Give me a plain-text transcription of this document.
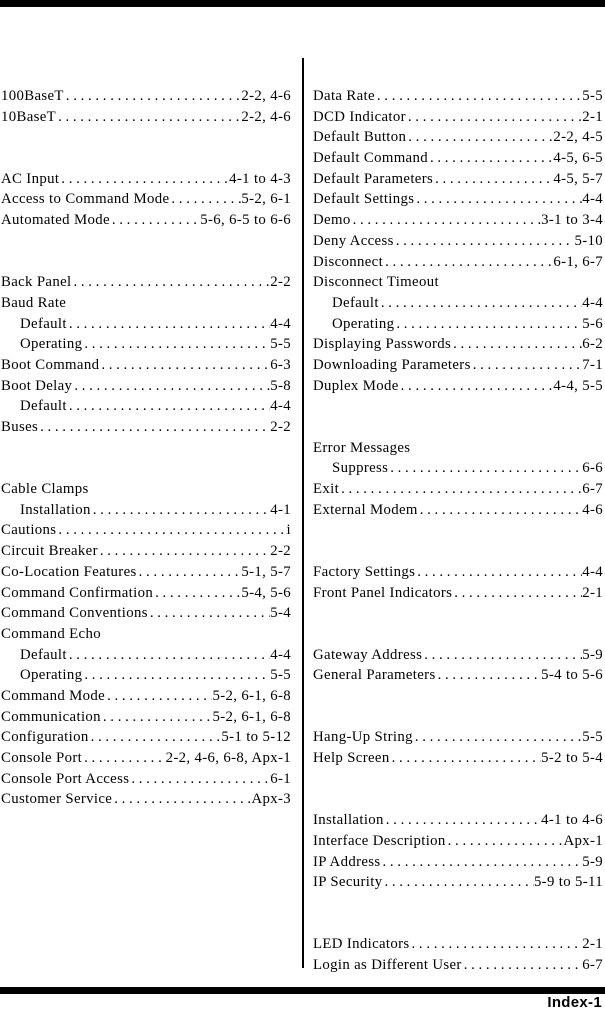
100BaseT . . .	2-2, 4-6
10BaseT . . .	2-2, 4-6
AC Input . . .	4-1 to 4-3
Access to Command Mode . . .	5-2, 6-1
Automated Mode . . .	5-6, 6-5 to 6-6
Back Panel . . .	2-2
Baud Rate
Default . . .	4-4
Operating . . .	5-5
Boot Command . . .	6-3
Boot Delay . . .	5-8
Default . . .	4-4
Buses . . .	2-2
Cable Clamps
Installation . . .	4-1
Cautions . . .	i
Circuit Breaker . . .	2-2
Co-Location Features . . .	5-1, 5-7
Command Confirmation . . .	5-4, 5-6
Command Conventions . . .	5-4
Command Echo
Default . . .	4-4
Operating . . .	5-5
Command Mode . . .	5-2, 6-1, 6-8
Communication . . .	5-2, 6-1, 6-8
Configuration . . .	5-1 to 5-12
Console Port . . .	2-2, 4-6, 6-8, Apx-1
Console Port Access . . .	6-1
Customer Service . . .	Apx-3
Data Rate . . .	5-5
DCD Indicator . . .	2-1
Default Button . . .	2-2, 4-5
Default Command . . .	4-5, 6-5
Default Parameters . . .	4-5, 5-7
Default Settings . . .	4-4
Demo . . .	3-1 to 3-4
Deny Access . . .	5-10
Disconnect . . .	6-1, 6-7
Disconnect Timeout
Default . . .	4-4
Operating . . .	5-6
Displaying Passwords . . .	6-2
Downloading Parameters . . .	7-1
Duplex Mode . . .	4-4, 5-5
Error Messages
Suppress . . .	6-6
Exit . . .	6-7
External Modem . . .	4-6
Factory Settings . . .	4-4
Front Panel Indicators . . .	2-1
Gateway Address . . .	5-9
General Parameters . . .	5-4 to 5-6
Hang-Up String . . .	5-5
Help Screen . . .	5-2 to 5-4
Installation . . .	4-1 to 4-6
Interface Description . . .	Apx-1
IP Address . . .	5-9
IP Security . . .	5-9 to 5-11
LED Indicators . . .	2-1
Login as Different User . . .	6-7
Index-1
